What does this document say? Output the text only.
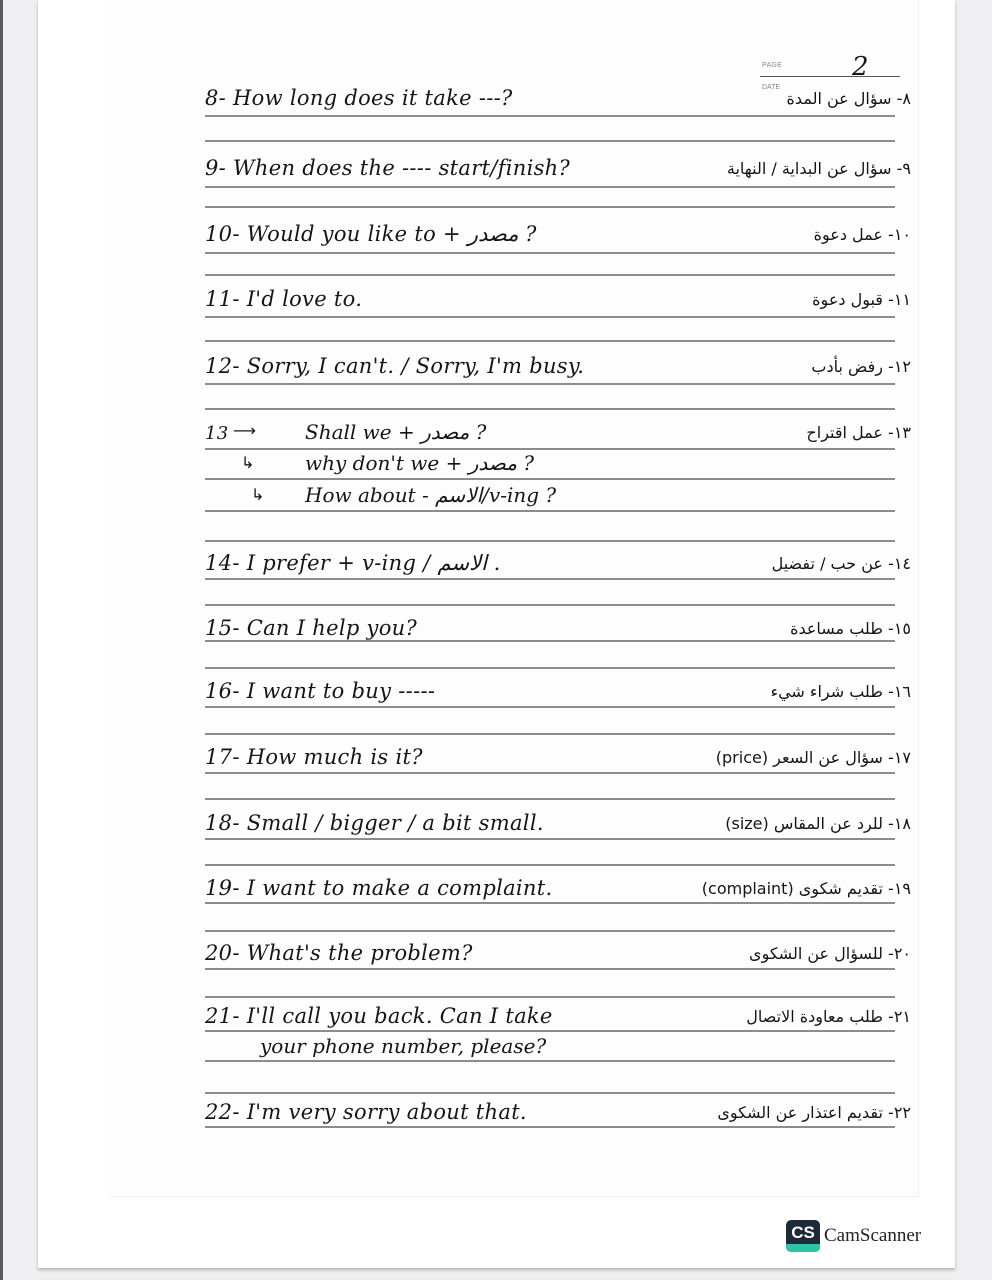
PAGE
DATE
2
8- How long does it take ---?	٨- سؤال عن المدة
9- When does the ---- start/finish?	٩- سؤال عن البداية / النهاية
10- Would you like to + مصدر ?	١٠- عمل دعوة
11- I'd love to.	١١- قبول دعوة
12- Sorry, I can't. / Sorry, I'm busy.	١٢- رفض بأدب
13 ⟶ Shall we + مصدر ?	١٣- عمل اقتراح
↳	why don't we + مصدر ?
↳ How about - الاسم/v-ing ?
14- I prefer + v-ing / الاسم .	١٤- عن حب / تفضيل
15- Can I help you?	١٥- طلب مساعدة
16- I want to buy -----	١٦- طلب شراء شيء
17- How much is it?	١٧- سؤال عن السعر (price)
18- Small / bigger / a bit small.	١٨- للرد عن المقاس (size)
19- I want to make a complaint.	١٩- تقديم شكوى (complaint)
20- What's the problem?	٢٠- للسؤال عن الشكوى
21- I'll call you back. Can I take	٢١- طلب معاودة الاتصال
your phone number, please?
22- I'm very sorry about that.	٢٢- تقديم اعتذار عن الشكوى
CS CamScanner
